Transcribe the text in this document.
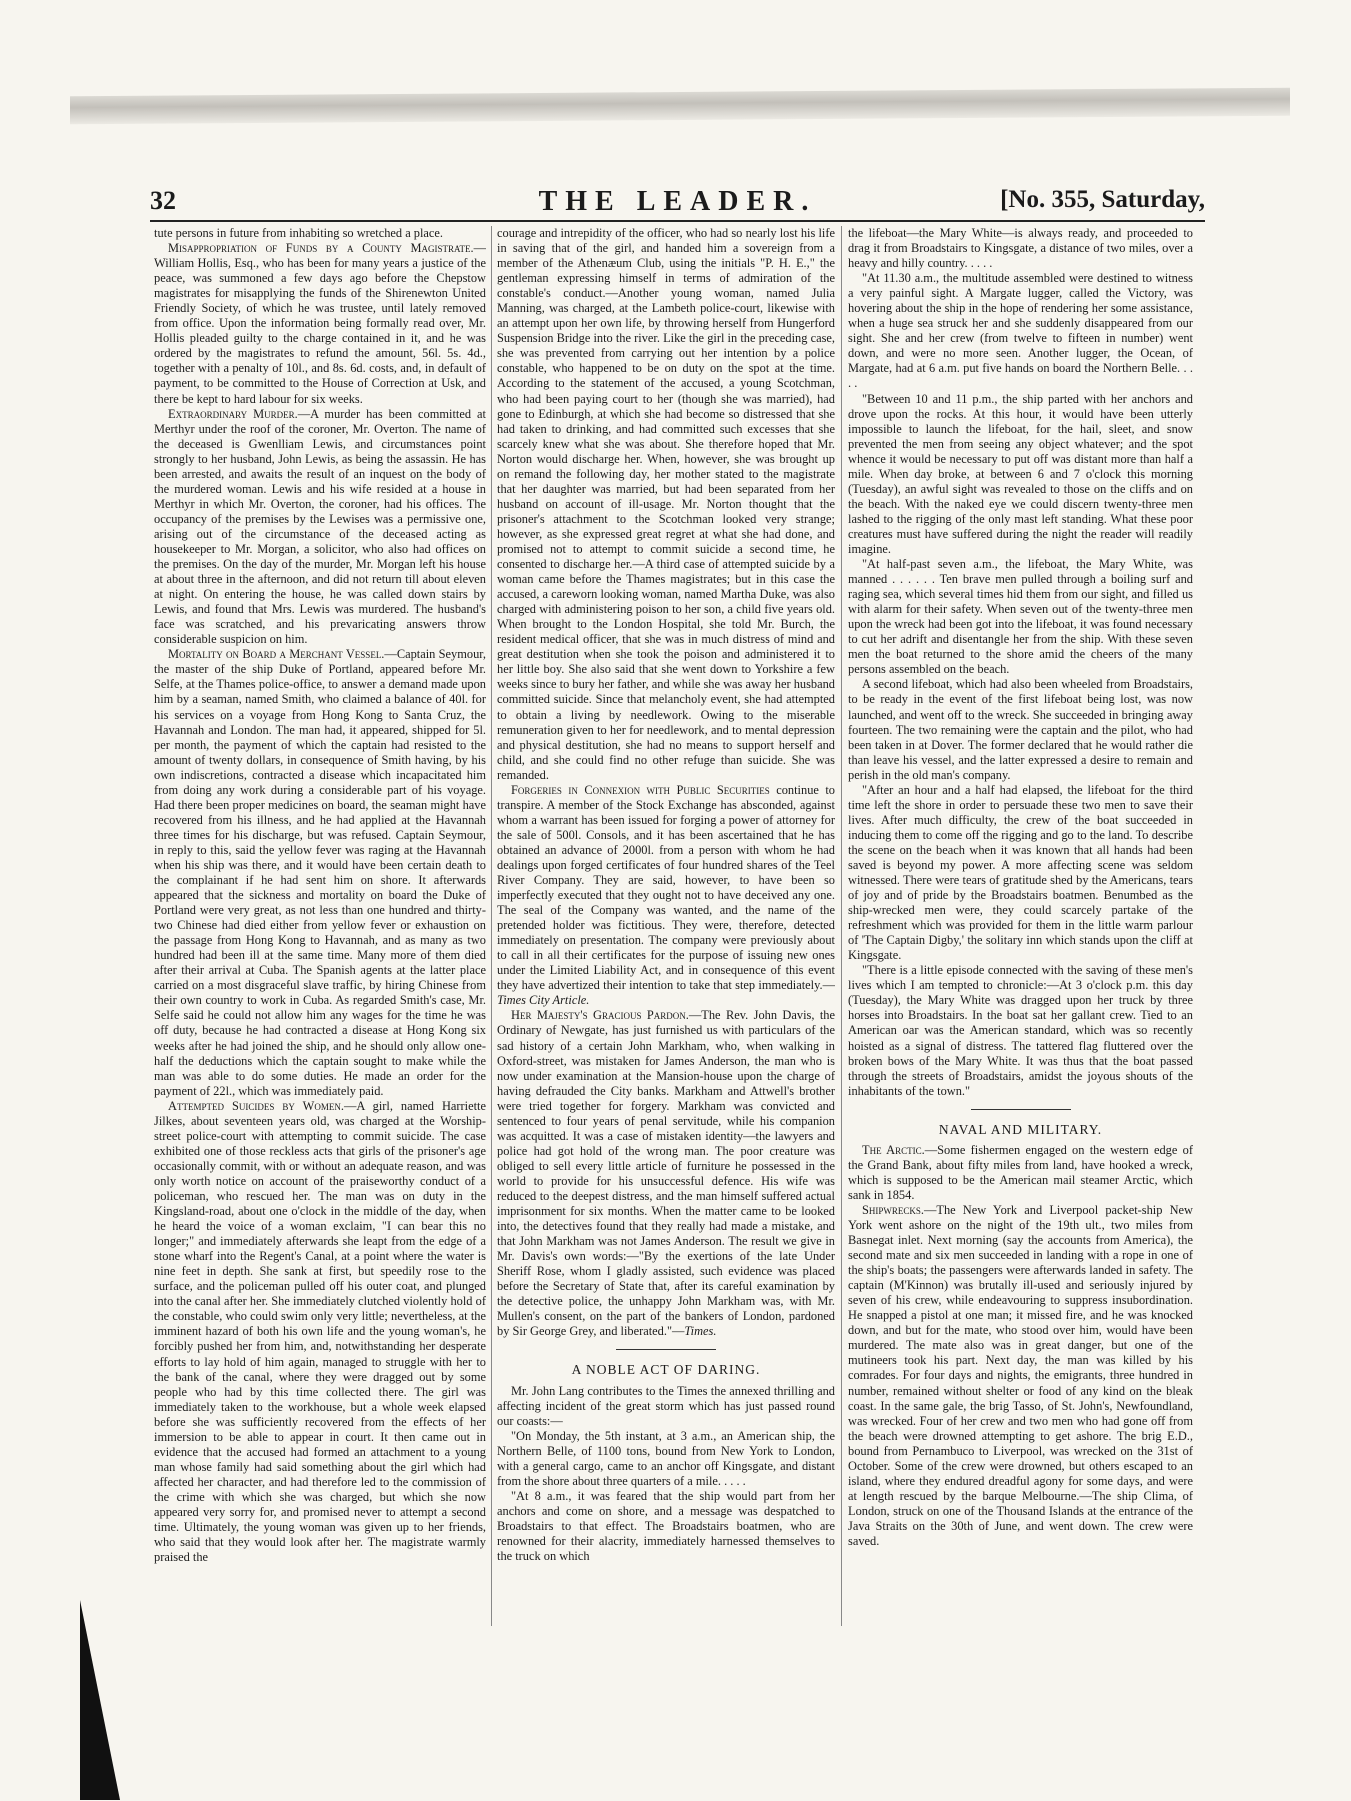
32	THE LEADER.	[No. 355, Saturday,

tute persons in future from inhabiting so wretched a place.

Misappropriation of Funds by a County Magistrate.—William Hollis, Esq., who has been for many years a justice of the peace, was summoned a few days ago before the Chepstow magistrates for misapplying the funds of the Shirenewton United Friendly Society, of which he was trustee, until lately removed from office. Upon the information being formally read over, Mr. Hollis pleaded guilty to the charge contained in it, and he was ordered by the magistrates to refund the amount, 56l. 5s. 4d., together with a penalty of 10l., and 8s. 6d. costs, and, in default of payment, to be committed to the House of Correction at Usk, and there be kept to hard labour for six weeks.

Extraordinary Murder.—A murder has been committed at Merthyr under the roof of the coroner, Mr. Overton. The name of the deceased is Gwenlliam Lewis, and circumstances point strongly to her husband, John Lewis, as being the assassin. He has been arrested, and awaits the result of an inquest on the body of the murdered woman. Lewis and his wife resided at a house in Merthyr in which Mr. Overton, the coroner, had his offices. The occupancy of the premises by the Lewises was a permissive one, arising out of the circumstance of the deceased acting as housekeeper to Mr. Morgan, a solicitor, who also had offices on the premises. On the day of the murder, Mr. Morgan left his house at about three in the afternoon, and did not return till about eleven at night. On entering the house, he was called down stairs by Lewis, and found that Mrs. Lewis was murdered. The husband's face was scratched, and his prevaricating answers throw considerable suspicion on him.

Mortality on Board a Merchant Vessel.—Captain Seymour, the master of the ship Duke of Portland, appeared before Mr. Selfe, at the Thames police-office, to answer a demand made upon him by a seaman, named Smith, who claimed a balance of 40l. for his services on a voyage from Hong Kong to Santa Cruz, the Havannah and London. The man had, it appeared, shipped for 5l. per month, the payment of which the captain had resisted to the amount of twenty dollars, in consequence of Smith having, by his own indiscretions, contracted a disease which incapacitated him from doing any work during a considerable part of his voyage. Had there been proper medicines on board, the seaman might have recovered from his illness, and he had applied at the Havannah three times for his discharge, but was refused. Captain Seymour, in reply to this, said the yellow fever was raging at the Havannah when his ship was there, and it would have been certain death to the complainant if he had sent him on shore. It afterwards appeared that the sickness and mortality on board the Duke of Portland were very great, as not less than one hundred and thirty-two Chinese had died either from yellow fever or exhaustion on the passage from Hong Kong to Havannah, and as many as two hundred had been ill at the same time. Many more of them died after their arrival at Cuba. The Spanish agents at the latter place carried on a most disgraceful slave traffic, by hiring Chinese from their own country to work in Cuba. As regarded Smith's case, Mr. Selfe said he could not allow him any wages for the time he was off duty, because he had contracted a disease at Hong Kong six weeks after he had joined the ship, and he should only allow one-half the deductions which the captain sought to make while the man was able to do some duties. He made an order for the payment of 22l., which was immediately paid.

Attempted Suicides by Women.—A girl, named Harriette Jilkes, about seventeen years old, was charged at the Worship-street police-court with attempting to commit suicide. The case exhibited one of those reckless acts that girls of the prisoner's age occasionally commit, with or without an adequate reason, and was only worth notice on account of the praiseworthy conduct of a policeman, who rescued her. The man was on duty in the Kingsland-road, about one o'clock in the middle of the day, when he heard the voice of a woman exclaim, "I can bear this no longer;" and immediately afterwards she leapt from the edge of a stone wharf into the Regent's Canal, at a point where the water is nine feet in depth. She sank at first, but speedily rose to the surface, and the policeman pulled off his outer coat, and plunged into the canal after her. She immediately clutched violently hold of the constable, who could swim only very little; nevertheless, at the imminent hazard of both his own life and the young woman's, he forcibly pushed her from him, and, notwithstanding her desperate efforts to lay hold of him again, managed to struggle with her to the bank of the canal, where they were dragged out by some people who had by this time collected there. The girl was immediately taken to the workhouse, but a whole week elapsed before she was sufficiently recovered from the effects of her immersion to be able to appear in court. It then came out in evidence that the accused had formed an attachment to a young man whose family had said something about the girl which had affected her character, and had therefore led to the commission of the crime with which she was charged, but which she now appeared very sorry for, and promised never to attempt a second time. Ultimately, the young woman was given up to her friends, who said that they would look after her. The magistrate warmly praised the

courage and intrepidity of the officer, who had so nearly lost his life in saving that of the girl, and handed him a sovereign from a member of the Athenæum Club, using the initials "P. H. E.," the gentleman expressing himself in terms of admiration of the constable's conduct.—Another young woman, named Julia Manning, was charged, at the Lambeth police-court, likewise with an attempt upon her own life, by throwing herself from Hungerford Suspension Bridge into the river. Like the girl in the preceding case, she was prevented from carrying out her intention by a police constable, who happened to be on duty on the spot at the time. According to the statement of the accused, a young Scotchman, who had been paying court to her (though she was married), had gone to Edinburgh, at which she had become so distressed that she had taken to drinking, and had committed such excesses that she scarcely knew what she was about. She therefore hoped that Mr. Norton would discharge her. When, however, she was brought up on remand the following day, her mother stated to the magistrate that her daughter was married, but had been separated from her husband on account of ill-usage. Mr. Norton thought that the prisoner's attachment to the Scotchman looked very strange; however, as she expressed great regret at what she had done, and promised not to attempt to commit suicide a second time, he consented to discharge her.—A third case of attempted suicide by a woman came before the Thames magistrates; but in this case the accused, a careworn looking woman, named Martha Duke, was also charged with administering poison to her son, a child five years old. When brought to the London Hospital, she told Mr. Burch, the resident medical officer, that she was in much distress of mind and great destitution when she took the poison and administered it to her little boy. She also said that she went down to Yorkshire a few weeks since to bury her father, and while she was away her husband committed suicide. Since that melancholy event, she had attempted to obtain a living by needlework. Owing to the miserable remuneration given to her for needlework, and to mental depression and physical destitution, she had no means to support herself and child, and she could find no other refuge than suicide. She was remanded.

Forgeries in Connexion with Public Securities continue to transpire. A member of the Stock Exchange has absconded, against whom a warrant has been issued for forging a power of attorney for the sale of 500l. Consols, and it has been ascertained that he has obtained an advance of 2000l. from a person with whom he had dealings upon forged certificates of four hundred shares of the Teel River Company. They are said, however, to have been so imperfectly executed that they ought not to have deceived any one. The seal of the Company was wanted, and the name of the pretended holder was fictitious. They were, therefore, detected immediately on presentation. The company were previously about to call in all their certificates for the purpose of issuing new ones under the Limited Liability Act, and in consequence of this event they have advertized their intention to take that step immediately.—Times City Article.

Her Majesty's Gracious Pardon.—The Rev. John Davis, the Ordinary of Newgate, has just furnished us with particulars of the sad history of a certain John Markham, who, when walking in Oxford-street, was mistaken for James Anderson, the man who is now under examination at the Mansion-house upon the charge of having defrauded the City banks. Markham and Attwell's brother were tried together for forgery. Markham was convicted and sentenced to four years of penal servitude, while his companion was acquitted. It was a case of mistaken identity—the lawyers and police had got hold of the wrong man. The poor creature was obliged to sell every little article of furniture he possessed in the world to provide for his unsuccessful defence. His wife was reduced to the deepest distress, and the man himself suffered actual imprisonment for six months. When the matter came to be looked into, the detectives found that they really had made a mistake, and that John Markham was not James Anderson. The result we give in Mr. Davis's own words:—"By the exertions of the late Under Sheriff Rose, whom I gladly assisted, such evidence was placed before the Secretary of State that, after its careful examination by the detective police, the unhappy John Markham was, with Mr. Mullen's consent, on the part of the bankers of London, pardoned by Sir George Grey, and liberated."—Times.

A NOBLE ACT OF DARING.

Mr. John Lang contributes to the Times the annexed thrilling and affecting incident of the great storm which has just passed round our coasts:—

"On Monday, the 5th instant, at 3 a.m., an American ship, the Northern Belle, of 1100 tons, bound from New York to London, with a general cargo, came to an anchor off Kingsgate, and distant from the shore about three quarters of a mile. . . . .

"At 8 a.m., it was feared that the ship would part from her anchors and come on shore, and a message was despatched to Broadstairs to that effect. The Broadstairs boatmen, who are renowned for their alacrity, immediately harnessed themselves to the truck on which

the lifeboat—the Mary White—is always ready, and proceeded to drag it from Broadstairs to Kingsgate, a distance of two miles, over a heavy and hilly country. . . . .

"At 11.30 a.m., the multitude assembled were destined to witness a very painful sight. A Margate lugger, called the Victory, was hovering about the ship in the hope of rendering her some assistance, when a huge sea struck her and she suddenly disappeared from our sight. She and her crew (from twelve to fifteen in number) went down, and were no more seen. Another lugger, the Ocean, of Margate, had at 6 a.m. put five hands on board the Northern Belle. . . . .

"Between 10 and 11 p.m., the ship parted with her anchors and drove upon the rocks. At this hour, it would have been utterly impossible to launch the lifeboat, for the hail, sleet, and snow prevented the men from seeing any object whatever; and the spot whence it would be necessary to put off was distant more than half a mile. When day broke, at between 6 and 7 o'clock this morning (Tuesday), an awful sight was revealed to those on the cliffs and on the beach. With the naked eye we could discern twenty-three men lashed to the rigging of the only mast left standing. What these poor creatures must have suffered during the night the reader will readily imagine.

"At half-past seven a.m., the lifeboat, the Mary White, was manned . . . . . . Ten brave men pulled through a boiling surf and raging sea, which several times hid them from our sight, and filled us with alarm for their safety. When seven out of the twenty-three men upon the wreck had been got into the lifeboat, it was found necessary to cut her adrift and disentangle her from the ship. With these seven men the boat returned to the shore amid the cheers of the many persons assembled on the beach.

A second lifeboat, which had also been wheeled from Broadstairs, to be ready in the event of the first lifeboat being lost, was now launched, and went off to the wreck. She succeeded in bringing away fourteen. The two remaining were the captain and the pilot, who had been taken in at Dover. The former declared that he would rather die than leave his vessel, and the latter expressed a desire to remain and perish in the old man's company.

"After an hour and a half had elapsed, the lifeboat for the third time left the shore in order to persuade these two men to save their lives. After much difficulty, the crew of the boat succeeded in inducing them to come off the rigging and go to the land. To describe the scene on the beach when it was known that all hands had been saved is beyond my power. A more affecting scene was seldom witnessed. There were tears of gratitude shed by the Americans, tears of joy and of pride by the Broadstairs boatmen. Benumbed as the ship-wrecked men were, they could scarcely partake of the refreshment which was provided for them in the little warm parlour of 'The Captain Digby,' the solitary inn which stands upon the cliff at Kingsgate.

"There is a little episode connected with the saving of these men's lives which I am tempted to chronicle:—At 3 o'clock p.m. this day (Tuesday), the Mary White was dragged upon her truck by three horses into Broadstairs. In the boat sat her gallant crew. Tied to an American oar was the American standard, which was so recently hoisted as a signal of distress. The tattered flag fluttered over the broken bows of the Mary White. It was thus that the boat passed through the streets of Broadstairs, amidst the joyous shouts of the inhabitants of the town."

NAVAL AND MILITARY.

The Arctic.—Some fishermen engaged on the western edge of the Grand Bank, about fifty miles from land, have hooked a wreck, which is supposed to be the American mail steamer Arctic, which sank in 1854.

Shipwrecks.—The New York and Liverpool packet-ship New York went ashore on the night of the 19th ult., two miles from Basnegat inlet. Next morning (say the accounts from America), the second mate and six men succeeded in landing with a rope in one of the ship's boats; the passengers were afterwards landed in safety. The captain (M'Kinnon) was brutally ill-used and seriously injured by seven of his crew, while endeavouring to suppress insubordination. He snapped a pistol at one man; it missed fire, and he was knocked down, and but for the mate, who stood over him, would have been murdered. The mate also was in great danger, but one of the mutineers took his part. Next day, the man was killed by his comrades. For four days and nights, the emigrants, three hundred in number, remained without shelter or food of any kind on the bleak coast. In the same gale, the brig Tasso, of St. John's, Newfoundland, was wrecked. Four of her crew and two men who had gone off from the beach were drowned attempting to get ashore. The brig E.D., bound from Pernambuco to Liverpool, was wrecked on the 31st of October. Some of the crew were drowned, but others escaped to an island, where they endured dreadful agony for some days, and were at length rescued by the barque Melbourne.—The ship Clima, of London, struck on one of the Thousand Islands at the entrance of the Java Straits on the 30th of June, and went down. The crew were saved.
